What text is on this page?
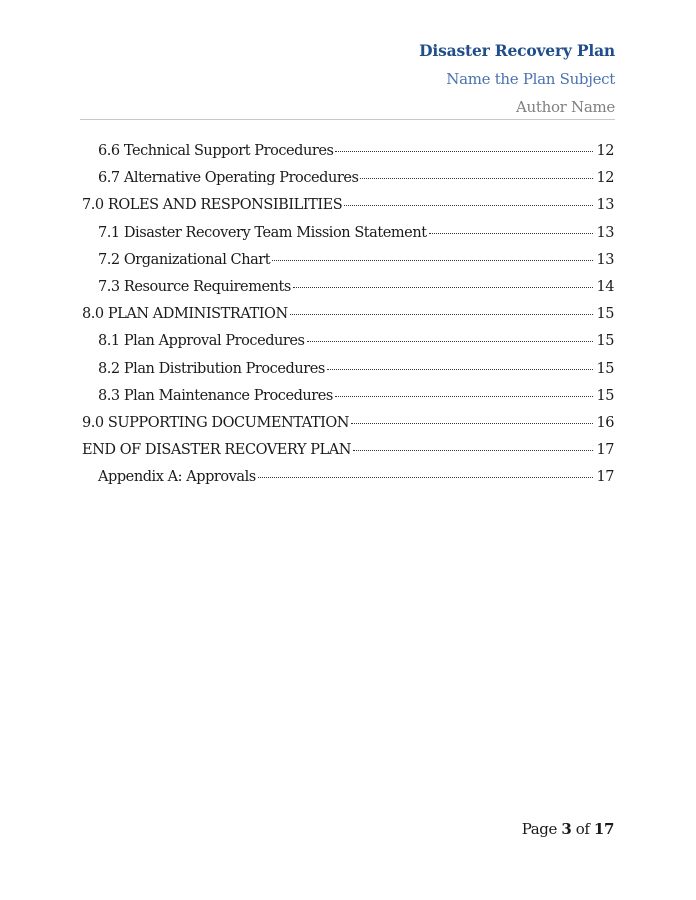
Disaster Recovery Plan
Name the Plan Subject
Author Name
6.6 Technical Support Procedures	12
6.7 Alternative Operating Procedures	12
7.0 ROLES AND RESPONSIBILITIES	13
7.1 Disaster Recovery Team Mission Statement	13
7.2 Organizational Chart	13
7.3 Resource Requirements	14
8.0 PLAN ADMINISTRATION	15
8.1 Plan Approval Procedures	15
8.2 Plan Distribution Procedures	15
8.3 Plan Maintenance Procedures	15
9.0 SUPPORTING DOCUMENTATION	16
END OF DISASTER RECOVERY PLAN	17
Appendix A: Approvals	17
Page 3 of 17
